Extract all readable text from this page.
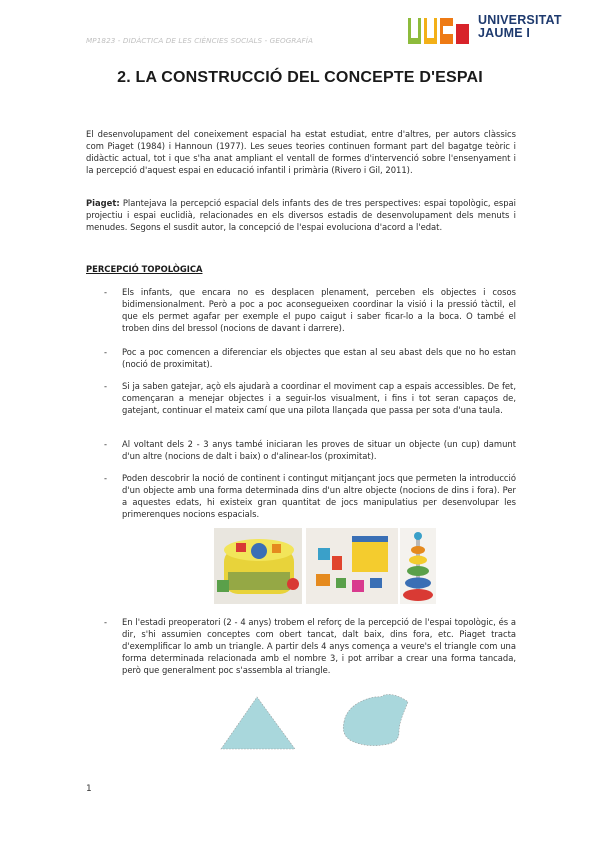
MP1823 - DIDÀCTICA DE LES CIÈNCIES SOCIALS - GEOGRAFÍA
UNIVERSITAT
JAUME I
2. LA CONSTRUCCIÓ DEL CONCEPTE D'ESPAI
El desenvolupament del coneixement espacial ha estat estudiat, entre d'altres, per autors clàssics com Piaget (1984) i Hannoun (1977). Les seues teories continuen formant part del bagatge teòric i didàctic actual, tot i que s'ha anat ampliant el ventall de formes d'intervenció sobre l'ensenyament i la percepció d'aquest espai en educació infantil i primària (Rivero i Gil, 2011).
Piaget: Plantejava la percepció espacial dels infants des de tres perspectives: espai topològic, espai projectiu i espai euclidià, relacionades en els diversos estadis de desenvolupament dels menuts i menudes. Segons el susdit autor, la concepció de l'espai evoluciona d'acord a l'edat.
PERCEPCIÓ TOPOLÒGICA
- Els infants, que encara no es desplacen plenament, perceben els objectes i cosos bidimensionalment. Però a poc a poc aconsegueixen coordinar la visió i la pressió tàctil, el que els permet agafar per exemple el pupo caigut i saber ficar-lo a la boca. O també el troben dins del bressol (nocions de davant i darrere).
- Poc a poc comencen a diferenciar els objectes que estan al seu abast dels que no ho estan (noció de proximitat).
- Si ja saben gatejar, açò els ajudarà a coordinar el moviment cap a espais accessibles. De fet, començaran a menejar objectes i a seguir-los visualment, i fins i tot seran capaços de, gatejant, continuar el mateix camí que una pilota llançada que passa per sota d'una taula.
- Al voltant dels 2 - 3 anys també iniciaran les proves de situar un objecte (un cup) damunt d'un altre (nocions de dalt i baix) o d'alinear-los (proximitat).
- Poden descobrir la noció de continent i contingut mitjançant jocs que permeten la introducció d'un objecte amb una forma determinada dins d'un altre objecte (nocions de dins i fora). Per a aquestes edats, hi existeix gran quantitat de jocs manipulatius per desenvolupar les primerenques nocions espacials.
- En l'estadi preoperatori (2 - 4 anys) trobem el reforç de la percepció de l'espai topològic, és a dir, s'hi assumien conceptes com obert tancat, dalt baix, dins fora, etc. Piaget tracta d'exemplificar lo amb un triangle. A partir dels 4 anys comença a veure's el triangle com una forma determinada relacionada amb el nombre 3, i pot arribar a crear una forma tancada, però que generalment poc s'assembla al triangle.
1
